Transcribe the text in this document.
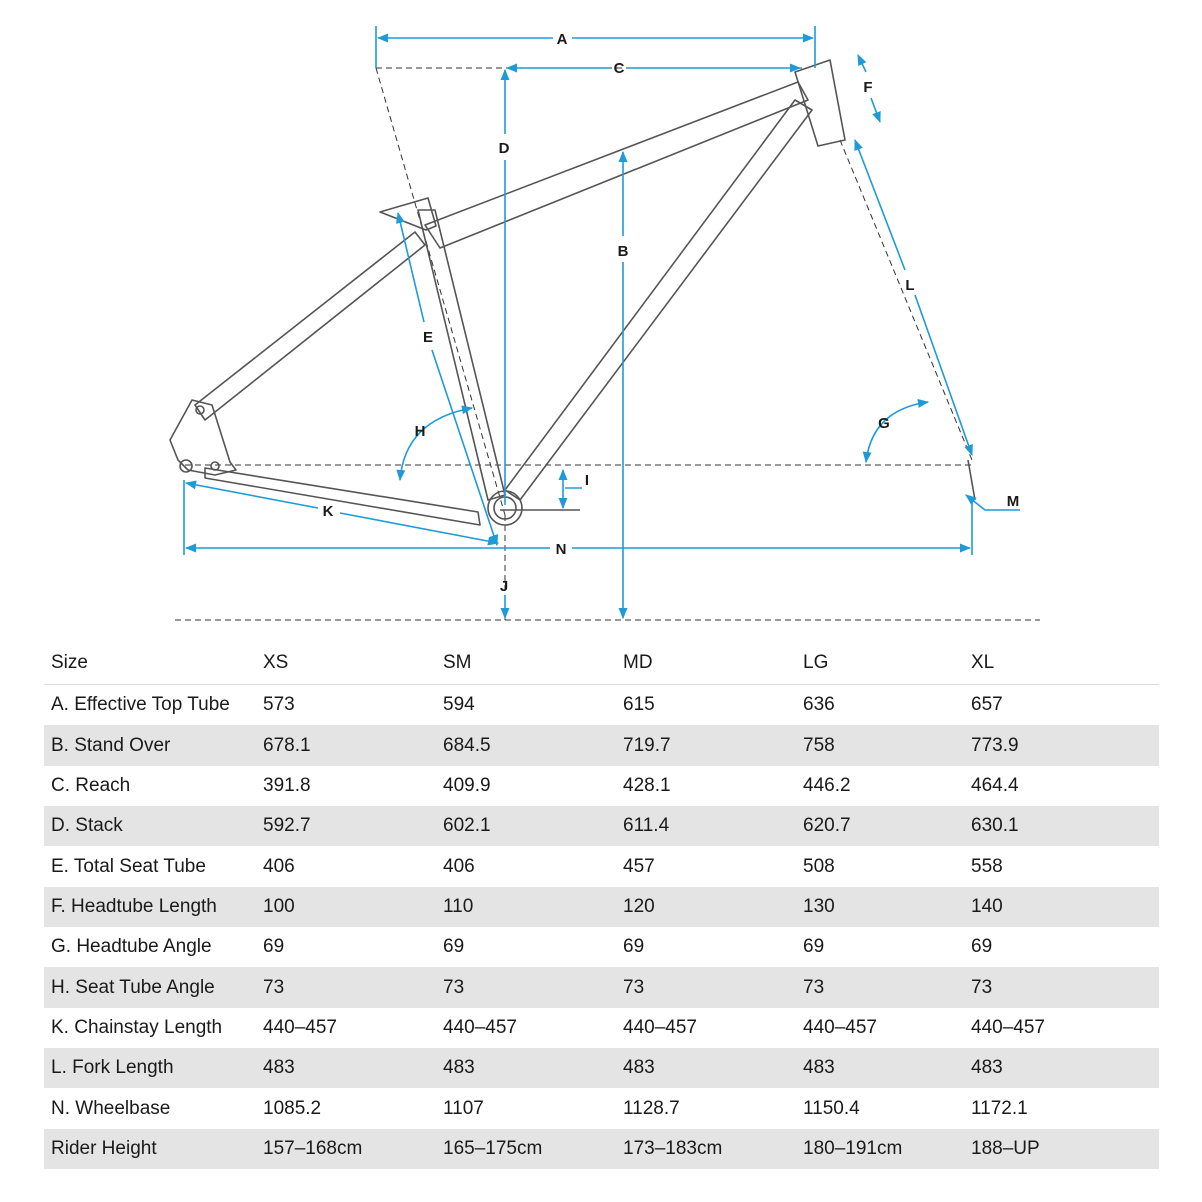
A
C
D
B
F
L
E
H	G
I
K
M
N
J
Size	XS	SM	MD	LG	XL
A. Effective Top Tube	573	594	615	636	657
B. Stand Over	678.1	684.5	719.7	758	773.9
C. Reach	391.8	409.9	428.1	446.2	464.4
D. Stack	592.7	602.1	611.4	620.7	630.1
E. Total Seat Tube	406	406	457	508	558
F. Headtube Length	100	110	120	130	140
G. Headtube Angle	69	69	69	69	69
H. Seat Tube Angle	73	73	73	73	73
K. Chainstay Length	440–457	440–457	440–457	440–457	440–457
L. Fork Length	483	483	483	483	483
N. Wheelbase	1085.2	1107	1128.7	1150.4	1172.1
Rider Height	157–168cm	165–175cm	173–183cm	180–191cm	188–UP
